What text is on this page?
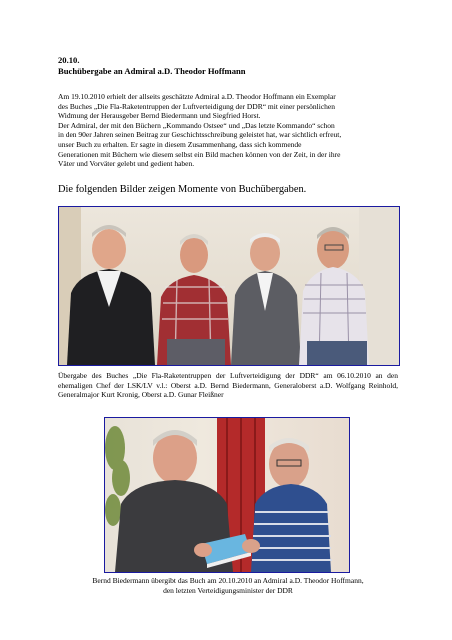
20.10.
Buchübergabe an Admiral a.D. Theodor Hoffmann

Am 19.10.2010 erhielt der allseits geschätzte Admiral a.D. Theodor Hoffmann ein Exemplar

des Buches „Die Fla-Raketentruppen der Luftverteidigung der DDR“ mit einer persönlichen

Widmung der Herausgeber Bernd Biedermann und Siegfried Horst.

Der Admiral, der mit den Büchern „Kommando Ostsee“ und „Das letzte Kommando“ schon

in den 90er Jahren seinen Beitrag zur Geschichtsschreibung geleistet hat, war sichtlich erfreut,

unser Buch zu erhalten. Er sagte in diesem Zusammenhang, dass sich kommende

Generationen mit Büchern wie diesem selbst ein Bild machen können von der Zeit, in der ihre

Väter und Vorväter gelebt und gedient haben.

Die folgenden Bilder zeigen Momente von Buchübergaben.
Übergabe des Buches „Die Fla-Raketentruppen der Luftverteidigung der DDR“ am 06.10.2010 an den ehemaligen Chef der LSK/LV v.l.: Oberst a.D. Bernd Biedermann, Generaloberst a.D. Wolfgang Reinhold, Generalmajor Kurt Kronig, Oberst a.D. Gunar Fleißner
Bernd Biedermann übergibt das Buch am 20.10.2010 an Admiral a.D. Theodor Hoffmann,
den letzten Verteidigungsminister der DDR
